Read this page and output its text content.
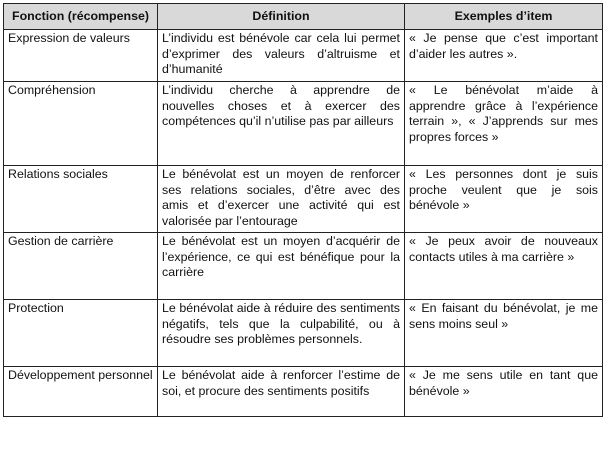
Fonction (récompense)	Définition	Exemples d’item
Expression de valeurs	L’individu est bénévole car cela lui permet d’exprimer des valeurs d’altruisme et d’humanité	« Je pense que c’est important d’aider les autres ».
Compréhension	L’individu cherche à apprendre de nouvelles choses et à exercer des compétences qu’il n’utilise pas par ailleurs	« Le bénévolat m’aide à apprendre grâce à l’expérience terrain », « J’apprends sur mes propres forces »
Relations sociales	Le bénévolat est un moyen de renforcer ses relations sociales, d’être avec des amis et d’exercer une activité qui est valorisée par l’entourage	« Les personnes dont je suis proche veulent que je sois bénévole »
Gestion de carrière	Le bénévolat est un moyen d’acquérir de l’expérience, ce qui est bénéfique pour la carrière	« Je peux avoir de nouveaux contacts utiles à ma carrière »
Protection	Le bénévolat aide à réduire des sentiments négatifs, tels que la culpabilité, ou à résoudre ses problèmes personnels.	« En faisant du bénévolat, je me sens moins seul »
Développement personnel	Le bénévolat aide à renforcer l’estime de soi, et procure des sentiments positifs	« Je me sens utile en tant que bénévole »
